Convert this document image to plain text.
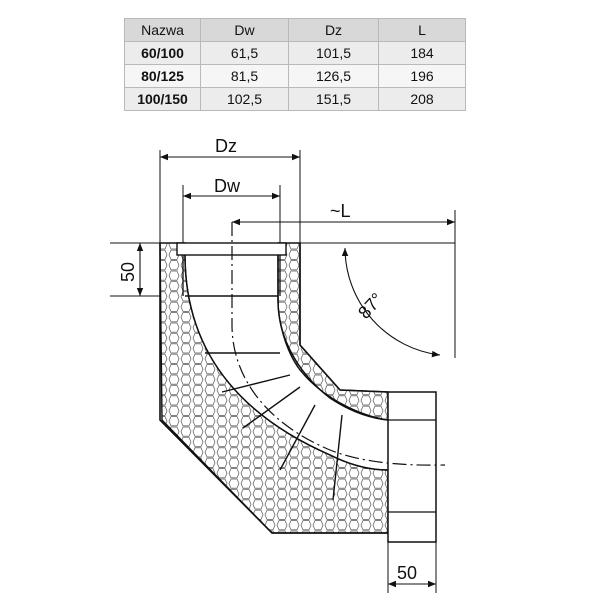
Nazwa	Dw	Dz	L
60/100	61,5	101,5	184
80/125	81,5	126,5	196
100/150	102,5	151,5	208
Dz
Dw
~L
87°
50
50
